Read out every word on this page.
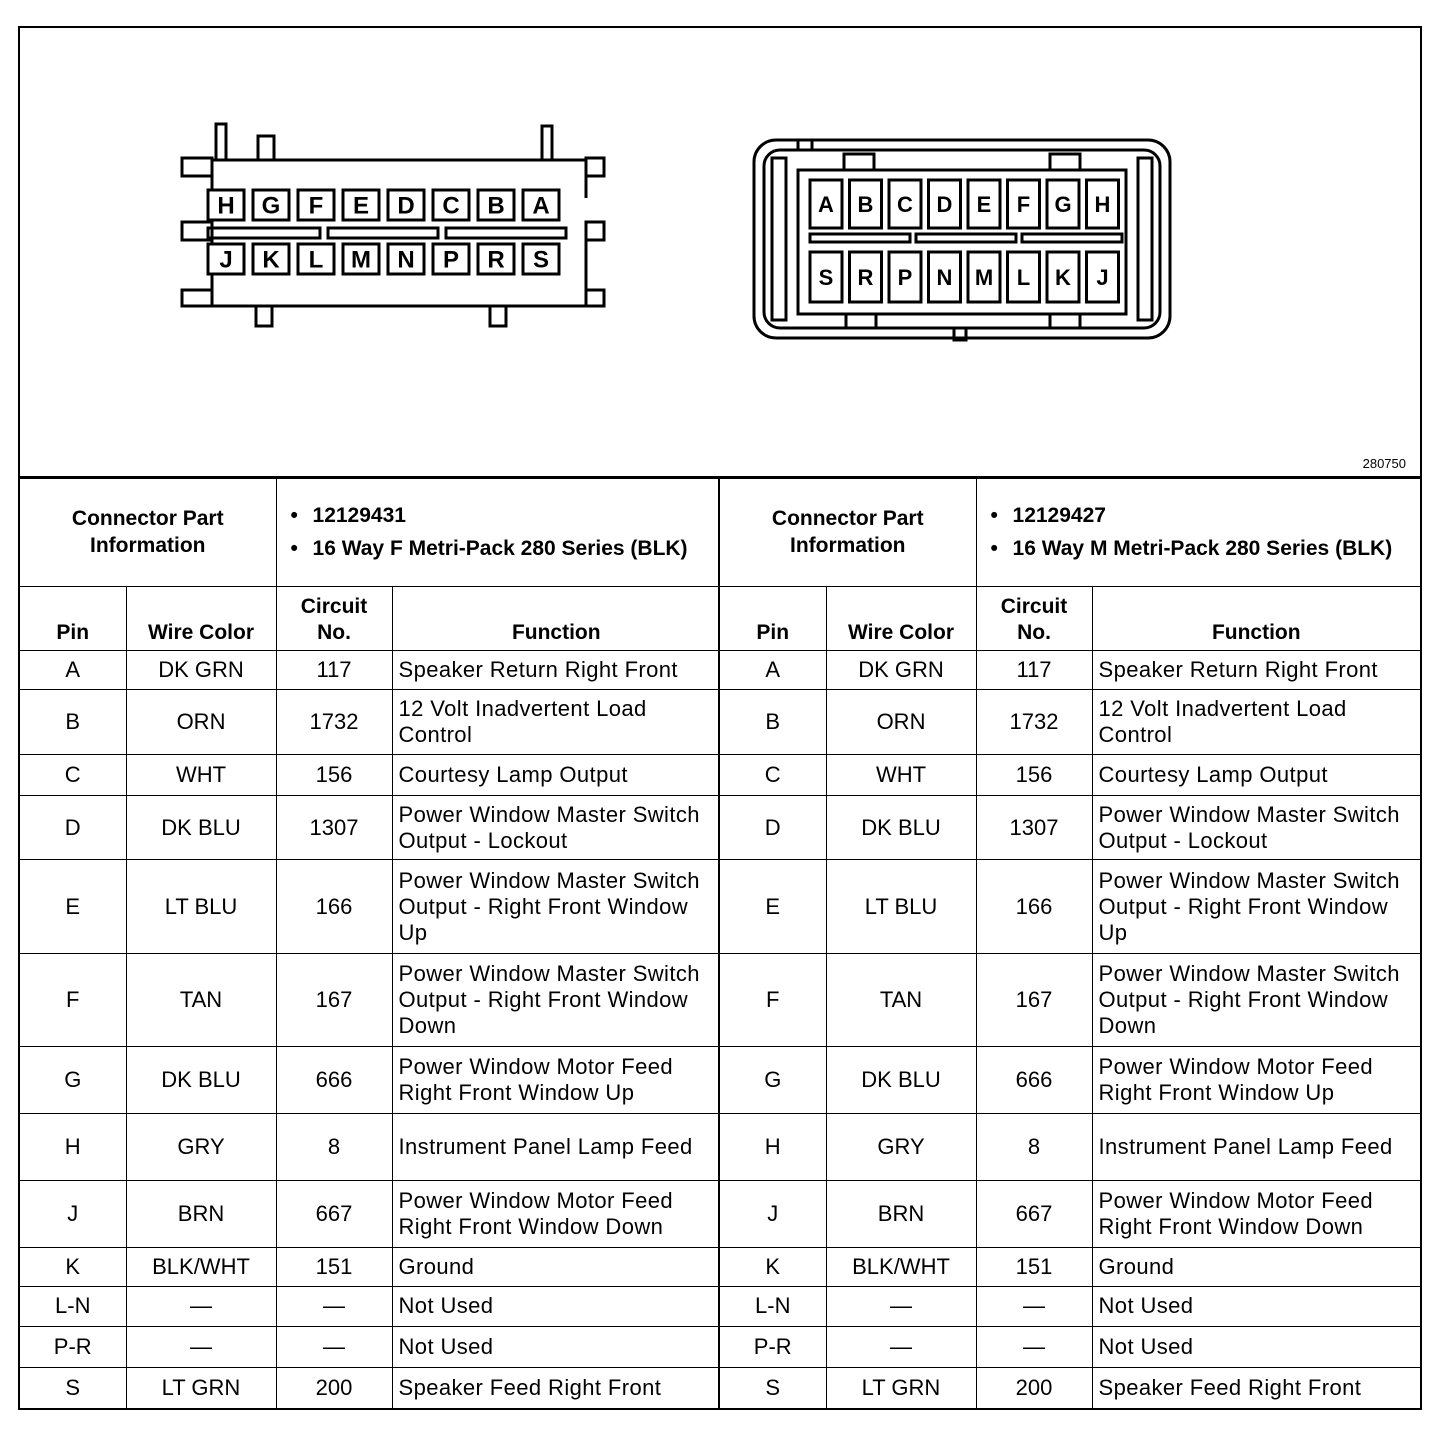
H G F E D C B A
J K L M N P R S
A B C D E F G H
S R P N M L K J
280750
Connector Part Information		• 12129431
• 16 Way F Metri-Pack 280 Series (BLK)

Pin	Wire Color	Circuit No.	Function
A	DK GRN	117	Speaker Return Right Front
B	ORN	1732	12 Volt Inadvertent Load Control
C	WHT	156	Courtesy Lamp Output
D	DK BLU	1307	Power Window Master Switch Output - Lockout
E	LT BLU	166	Power Window Master Switch Output - Right Front Window Up
F	TAN	167	Power Window Master Switch Output - Right Front Window Down
G	DK BLU	666	Power Window Motor Feed Right Front Window Up
H	GRY	8	Instrument Panel Lamp Feed
J	BRN	667	Power Window Motor Feed Right Front Window Down
K	BLK/WHT	151	Ground
L-N	—	—	Not Used
P-R	—	—	Not Used
S	LT GRN	200	Speaker Feed Right Front
Connector Part Information		• 12129427
• 16 Way M Metri-Pack 280 Series (BLK)

Pin	Wire Color	Circuit No.	Function
A	DK GRN	117	Speaker Return Right Front
B	ORN	1732	12 Volt Inadvertent Load Control
C	WHT	156	Courtesy Lamp Output
D	DK BLU	1307	Power Window Master Switch Output - Lockout
E	LT BLU	166	Power Window Master Switch Output - Right Front Window Up
F	TAN	167	Power Window Master Switch Output - Right Front Window Down
G	DK BLU	666	Power Window Motor Feed Right Front Window Up
H	GRY	8	Instrument Panel Lamp Feed
J	BRN	667	Power Window Motor Feed Right Front Window Down
K	BLK/WHT	151	Ground
L-N	—	—	Not Used
P-R	—	—	Not Used
S	LT GRN	200	Speaker Feed Right Front
